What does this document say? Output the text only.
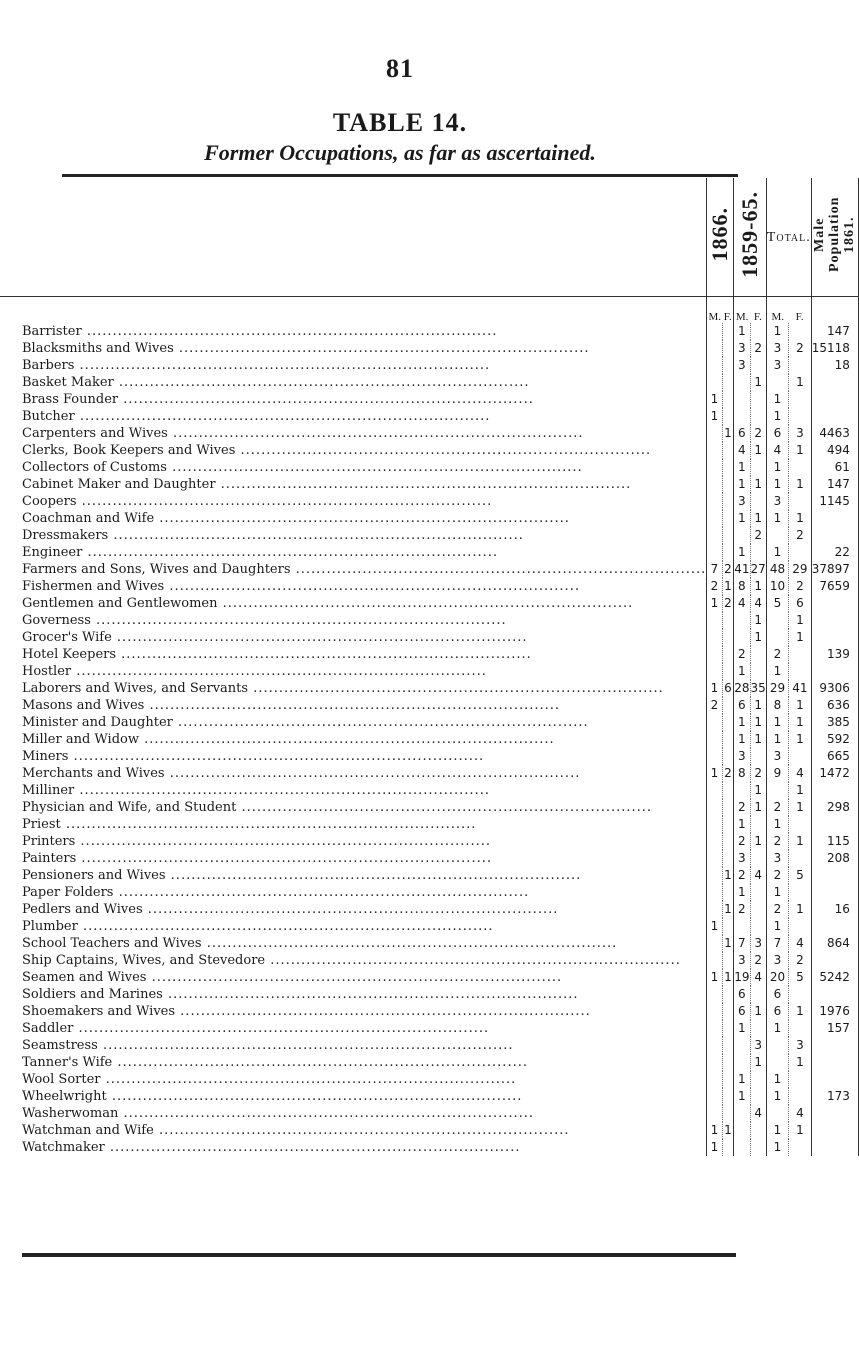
81
TABLE 14.
Former Occupations, as far as ascertained.
	1866.		1859-65.		Total.		Male Population 1861.

	M.	F.	M.	F.	M.	F.	
Barrister ................................................................................			1		1		147
Blacksmiths and Wives ................................................................................			3	2	3	2	15118
Barbers ................................................................................			3		3		18
Basket Maker ................................................................................				1		1	
Brass Founder ................................................................................	1				1		
Butcher ................................................................................	1				1		
Carpenters and Wives ................................................................................		1	6	2	6	3	4463
Clerks, Book Keepers and Wives ................................................................................			4	1	4	1	494
Collectors of Customs ................................................................................			1		1		61
Cabinet Maker and Daughter ................................................................................			1	1	1	1	147
Coopers ................................................................................			3		3		1145
Coachman and Wife ................................................................................			1	1	1	1	
Dressmakers ................................................................................				2		2	
Engineer ................................................................................			1		1		22
Farmers and Sons, Wives and Daughters ................................................................................	7	2	41	27	48	29	37897
Fishermen and Wives ................................................................................	2	1	8	1	10	2	7659
Gentlemen and Gentlewomen ................................................................................	1	2	4	4	5	6	
Governess ................................................................................				1		1	
Grocer's Wife ................................................................................				1		1	
Hotel Keepers ................................................................................			2		2		139
Hostler ................................................................................			1		1		
Laborers and Wives, and Servants ................................................................................	1	6	28	35	29	41	9306
Masons and Wives ................................................................................	2		6	1	8	1	636
Minister and Daughter ................................................................................			1	1	1	1	385
Miller and Widow ................................................................................			1	1	1	1	592
Miners ................................................................................			3		3		665
Merchants and Wives ................................................................................	1	2	8	2	9	4	1472
Milliner ................................................................................				1		1	
Physician and Wife, and Student ................................................................................			2	1	2	1	298
Priest ................................................................................			1		1		
Printers ................................................................................			2	1	2	1	115
Painters ................................................................................			3		3		208
Pensioners and Wives ................................................................................		1	2	4	2	5	
Paper Folders ................................................................................			1		1		
Pedlers and Wives ................................................................................		1	2		2	1	16
Plumber ................................................................................	1				1		
School Teachers and Wives ................................................................................		1	7	3	7	4	864
Ship Captains, Wives, and Stevedore ................................................................................			3	2	3	2	
Seamen and Wives ................................................................................	1	1	19	4	20	5	5242
Soldiers and Marines ................................................................................			6		6		
Shoemakers and Wives ................................................................................			6	1	6	1	1976
Saddler ................................................................................			1		1		157
Seamstress ................................................................................				3		3	
Tanner's Wife ................................................................................				1		1	
Wool Sorter ................................................................................			1		1		
Wheelwright ................................................................................			1		1		173
Washerwoman ................................................................................				4		4	
Watchman and Wife ................................................................................	1	1			1	1	
Watchmaker ................................................................................	1				1		
